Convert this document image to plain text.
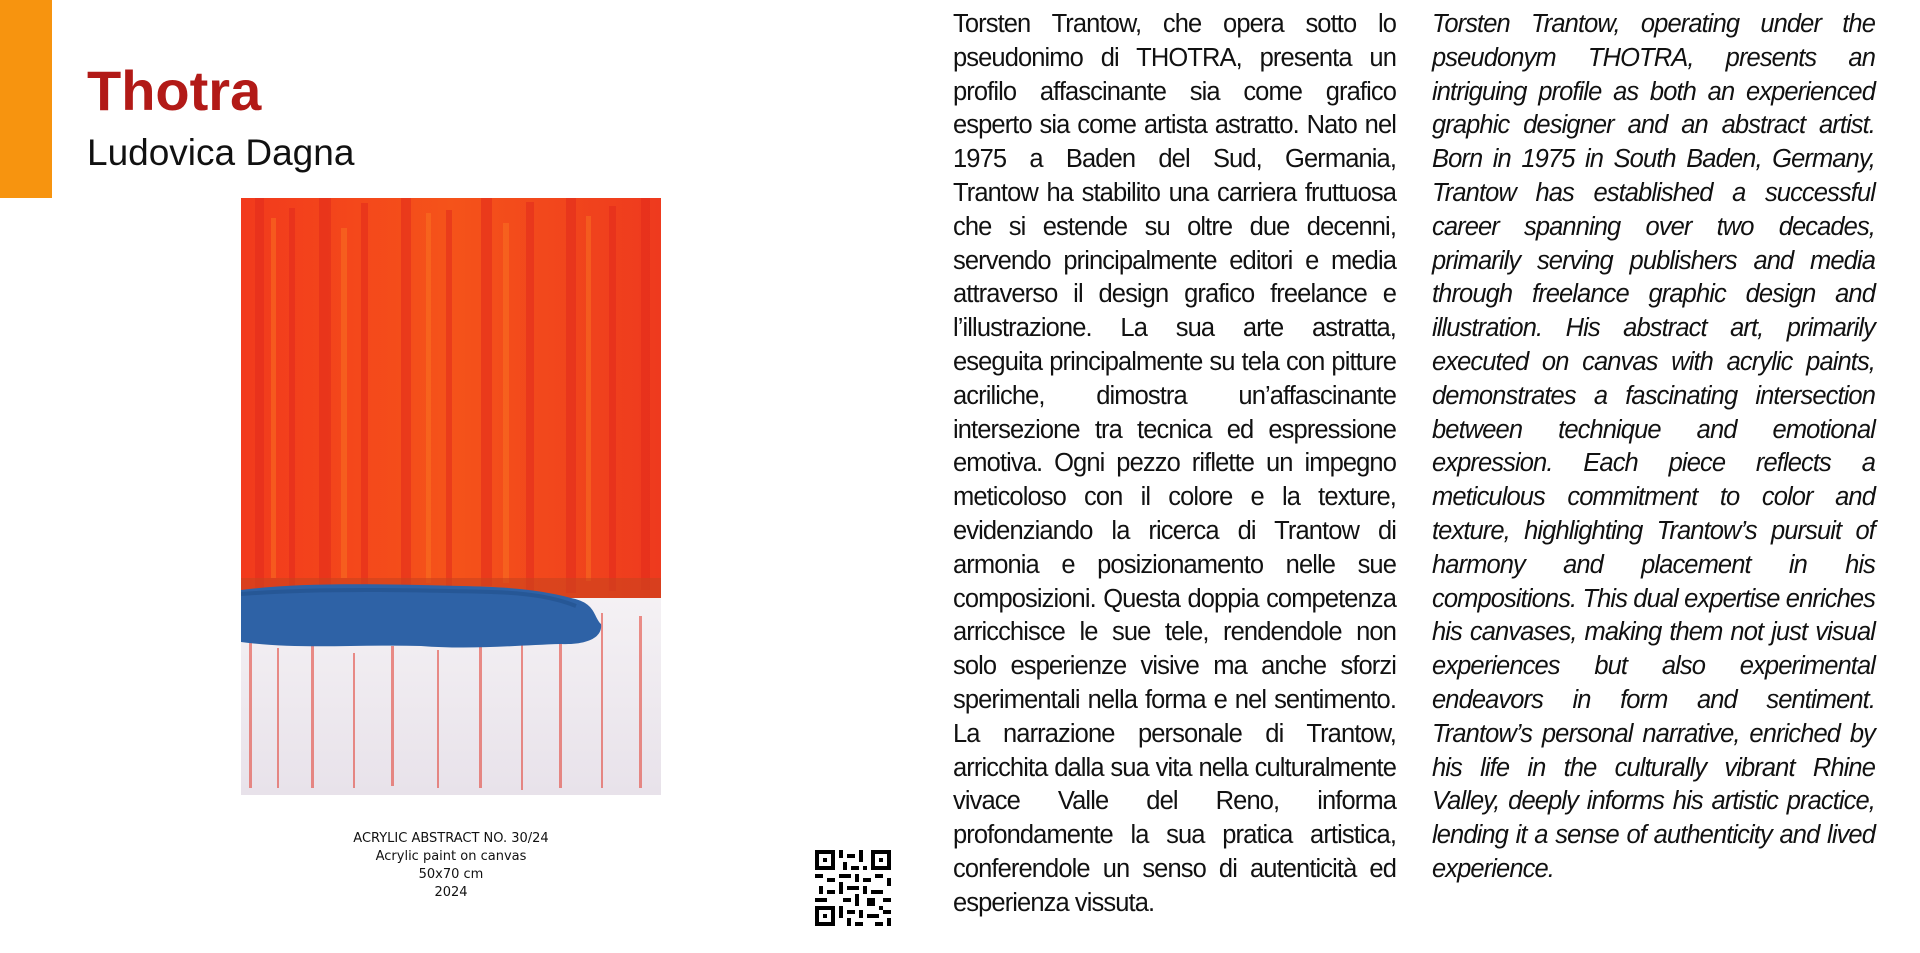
Thotra
Ludovica Dagna
ACRYLIC ABSTRACT NO. 30/24
Acrylic paint on canvas
50x70 cm
2024
Torsten Trantow, che opera sotto lo pseudonimo di THOTRA, presenta un profilo affascinante sia come grafico esperto sia come artista astratto. Nato nel 1975 a Baden del Sud, Germania, Trantow ha stabilito una carriera fruttuosa che si estende su oltre due decenni, servendo principalmente editori e media attraverso il design grafico freelance e l’illustrazione. La sua arte astratta, eseguita principalmente su tela con pitture acriliche, dimostra un’affascinante intersezione tra tecnica ed espressione emotiva. Ogni pezzo riflette un impegno meticoloso con il colore e la texture, evidenziando la ricerca di Trantow di armonia e posizionamento nelle sue composizioni. Questa doppia competenza arricchisce le sue tele, rendendole non solo esperienze visive ma anche sforzi sperimentali nella forma e nel sentimento. La narrazione personale di Trantow, arricchita dalla sua vita nella culturalmente vivace Valle del Reno, informa profondamente la sua pratica artistica, conferendole un senso di autenticità ed esperienza vissuta.
Torsten Trantow, operating under the pseudonym THOTRA, presents an intriguing profile as both an experienced graphic designer and an abstract artist. Born in 1975 in South Baden, Germany, Trantow has established a successful career spanning over two decades, primarily serving publishers and media through freelance graphic design and illustration. His abstract art, primarily executed on canvas with acrylic paints, demonstrates a fascinating intersection between technique and emotional expression. Each piece reflects a meticulous commitment to color and texture, highlighting Trantow’s pursuit of harmony and placement in his compositions. This dual expertise enriches his canvases, making them not just visual experiences but also experimental endeavors in form and sentiment. Trantow’s personal narrative, enriched by his life in the culturally vibrant Rhine Valley, deeply informs his artistic practice, lending it a sense of authenticity and lived experience.
